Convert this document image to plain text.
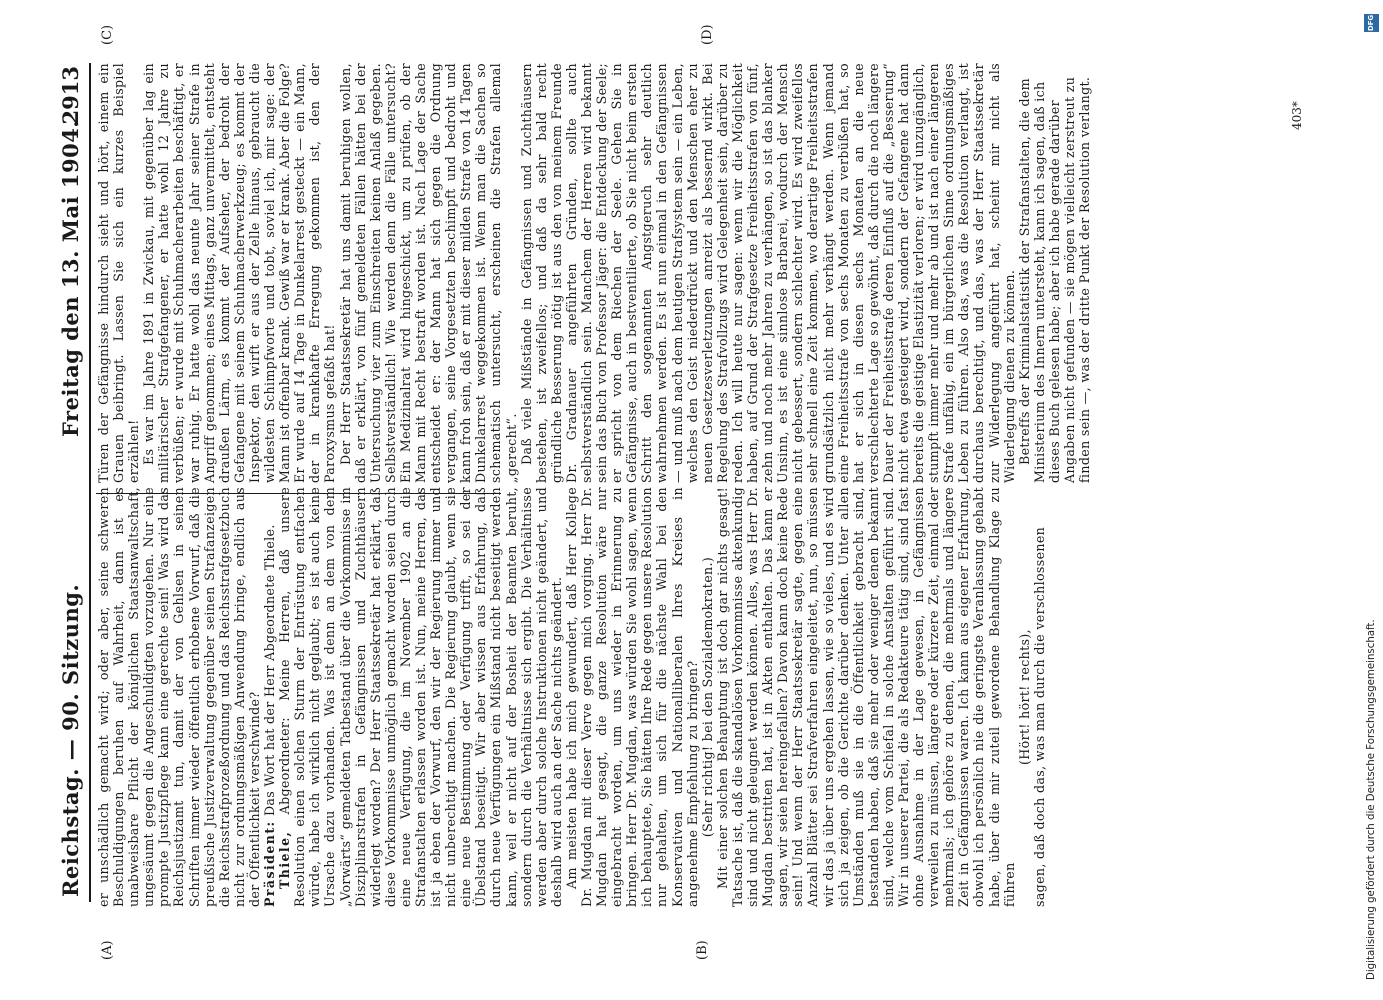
Reichstag. — 90. Sitzung.
Freitag den 13. Mai 1904.
2913
(A)	(B)
(C)	(D)

er unschädlich gemacht wird; oder aber, seine schweren Beschuldigungen beruhen auf Wahrheit, dann ist es unabweisbare Pflicht der königlichen Staatsanwaltschaft, ungesäumt gegen die Angeschuldigten vorzugehen. Nur eine prompte Justizpflege kann eine gerechte sein! Was wird das Reichsjustizamt tun, damit der von Gehlsen in seinen Schriften immer wieder öffentlich erhobene Vorwurf, daß die preußische Justizverwaltung gegenüber seinen Strafanzeigen die Reichsstrafprozeßordnung und das Reichsstrafgesetzbuch nicht zur ordnungsmäßigen Anwendung bringe, endlich aus der Öffentlichkeit verschwinde? Präsident: Das Wort hat der Herr Abgeordnete Thiele.

Thiele, Abgeordneter: Meine Herren, daß unsere Resolution einen solchen Sturm der Entrüstung entfachen würde, habe ich wirklich nicht geglaubt; es ist auch keine Ursache dazu vorhanden. Was ist denn an dem von dem „Vorwärts“ gemeldeten Tatbestand über die Vorkommnisse im Disziplinarstrafen in Gefängnissen und Zuchthäusern widerlegt worden? Der Herr Staatssekretär hat erklärt, daß diese Vorkommnisse unmöglich gemacht worden seien durch eine neue Verfügung, die im November 1902 an die Strafanstalten erlassen worden ist. Nun, meine Herren, das ist ja eben der Vorwurf, den wir der Regierung immer und nicht unberechtigt machen. Die Regierung glaubt, wenn sie eine neue Bestimmung oder Verfügung trifft, so sei der Übelstand beseitigt. Wir aber wissen aus Erfahrung, daß durch neue Verfügungen ein Mißstand nicht beseitigt werden kann, weil er nicht auf der Bosheit der Beamten beruht, sondern durch die Verhältnisse sich ergibt. Die Verhältnisse werden aber durch solche Instruktionen nicht geändert, und deshalb wird auch an der Sache nichts geändert. Am meisten habe ich mich gewundert, daß Herr Kollege Dr. Mugdan mit dieser Verve gegen mich vorging. Herr Dr. Mugdan hat gesagt, die ganze Resolution wäre nur eingebracht worden, um uns wieder in Erinnerung zu bringen. Herr Dr. Mugdan, was würden Sie wohl sagen, wenn ich behauptete, Sie hätten Ihre Rede gegen unsere Resolution nur gehalten, um sich für die nächste Wahl bei den Konservativen und Nationalliberalen Ihres Kreises in angenehme Empfehlung zu bringen? (Sehr richtig! bei den Sozialdemokraten.) Mit einer solchen Behauptung ist doch gar nichts gesagt! Tatsache ist, daß die skandalösen Vorkommnisse aktenkundig sind und nicht geleugnet werden können. Alles, was Herr Dr. Mugdan bestritten hat, ist in Akten enthalten. Das kann er sagen, wir seien hereingefallen? Davon kann doch keine Rede sein! Und wenn der Herr Staatssekretär sagte, gegen eine Anzahl Blätter sei Strafverfahren eingeleitet, nun, so müssen wir das ja über uns ergehen lassen, wie so vieles, und es wird sich ja zeigen, ob die Gerichte darüber denken. Unter allen Umständen muß sie in die Öffentlichkeit gebracht sind, bestanden haben, daß sie mehr oder weniger denen bekannt sind, welche vom Schiefal in solche Anstalten geführt sind. Wir in unserer Partei, die als Redakteure tätig sind, sind fast ohne Ausnahme in der Lage gewesen, in Gefängnissen verweilen zu müssen, längere oder kürzere Zeit, einmal oder mehrmals; ich gehöre zu denen, die mehrmals und längere Zeit in Gefängnissen waren. Ich kann aus eigener Erfahrung, obwohl ich persönlich nie die geringste Veranlassung gehabt habe, über die mir zuteil gewordene Behandlung Klage zu führen

(Hört! hört! rechts), sagen, daß doch das, was man durch die verschlossenen

Türen der Gefängnisse hindurch sieht und hört, einem ein Grauen beibringt. Lassen Sie sich ein kurzes Beispiel erzählen! Es war im Jahre 1891 in Zwickau, mit gegenüber lag ein militärischer Strafgefangener, er hatte wohl 12 Jahre zu verbüßen; er wurde mit Schuhmacherarbeiten beschäftigt, er war ruhig. Er hatte wohl das neunte Jahr seiner Strafe in Angriff genommen; eines Mittags, ganz unvermittelt, entsteht draußen Lärm, es kommt der Aufseher, der bedroht der Gefangene mit seinem Schuhmacherwerkzeug; es kommt der Inspektor, den wirft er aus der Zelle hinaus, gebraucht die wildesten Schimpfworte und tobt, soviel ich, mir sage: der Mann ist offenbar krank. Gewiß war er krank. Aber die Folge? Er wurde auf 14 Tage in Dunkelarrest gesteckt — ein Mann, der in krankhafte Erregung gekommen ist, den der Paroxysmus gefaßt hat! Der Herr Staatssekretär hat uns damit beruhigen wollen, daß er erklärt, von fünf gemeldeten Fällen hätten bei der Untersuchung vier zum Einschreiten keinen Anlaß gegeben. Selbstverständlich! Wie werden denn die Fälle untersucht? Ein Medizinalrat wird hingeschickt, um zu prüfen, ob der Mann mit Recht bestraft worden ist. Nach Lage der Sache entscheidet er: der Mann hat sich gegen die Ordnung vergangen, seine Vorgesetzten beschimpft und bedroht und kann froh sein, daß er mit dieser milden Strafe von 14 Tagen Dunkelarrest weggekommen ist. Wenn man die Sachen so schematisch untersucht, erscheinen die Strafen allemal „gerecht“. Daß viele Mißstände in Gefängnissen und Zuchthäusern bestehen, ist zweifellos; und daß da sehr bald recht gründliche Besserung nötig ist aus den von meinem Freunde Dr. Gradnauer angeführten Gründen, sollte auch selbstverständlich sein. Manchem der Herren wird bekannt sein das Buch von Professor Jäger: die Entdeckung der Seele; er spricht von dem Riechen der Seele. Gehen Sie in Gefängnisse, auch in bestventilierte, ob Sie nicht beim ersten Schritt den sogenannten Angstgeruch sehr deutlich wahrnehmen werden. Es ist nun einmal in den Gefängnissen — und muß nach dem heutigen Strafsystem sein — ein Leben, welches den Geist niederdrückt und den Menschen eher zu neuen Gesetzesverletzungen anreizt als bessernd wirkt. Bei Regelung des Strafvollzugs wird Gelegenheit sein, darüber zu reden. Ich will heute nur sagen: wenn wir die Möglichkeit haben, auf Grund der Strafgesetze Freiheitsstrafen von fünf, zehn und noch mehr Jahren zu verhängen, so ist das blanker Unsinn, es ist eine sinnlose Barbarei, wodurch der Mensch nicht gebessert, sondern schlechter wird. Es wird zweifellos sehr schnell eine Zeit kommen, wo derartige Freiheitsstrafen grundsätzlich nicht mehr verhängt werden. Wenn jemand eine Freiheitsstrafe von sechs Monaten zu verbüßen hat, so hat er sich in diesen sechs Monaten an die neue verschlechterte Lage so gewöhnt, daß durch die noch längere Dauer der Freiheitsstrafe deren Einfluß auf die „Besserung“ nicht etwa gesteigert wird, sondern der Gefangene hat dann bereits die geistige Elastizität verloren; er wird unzugänglich, stumpft immer mehr und mehr ab und ist nach einer längeren Strafe unfähig, ein im bürgerlichen Sinne ordnungsmäßiges Leben zu führen. Also das, was die Resolution verlangt, ist durchaus berechtigt, und das, was der Herr Staatssekretär zur Widerlegung angeführt hat, scheint mir nicht als Widerlegung dienen zu können. Betreffs der Kriminalstatistik der Strafanstalten, die dem Ministerium des Innern untersteht, kann ich sagen, daß ich dieses Buch gelesen habe; aber ich habe gerade darüber Angaben nicht gefunden — sie mögen vielleicht zerstreut zu finden sein —, was der dritte Punkt der Resolution verlangt.	403*
Digitalisierung gefördert durch die Deutsche Forschungsgemeinschaft.
DFG
